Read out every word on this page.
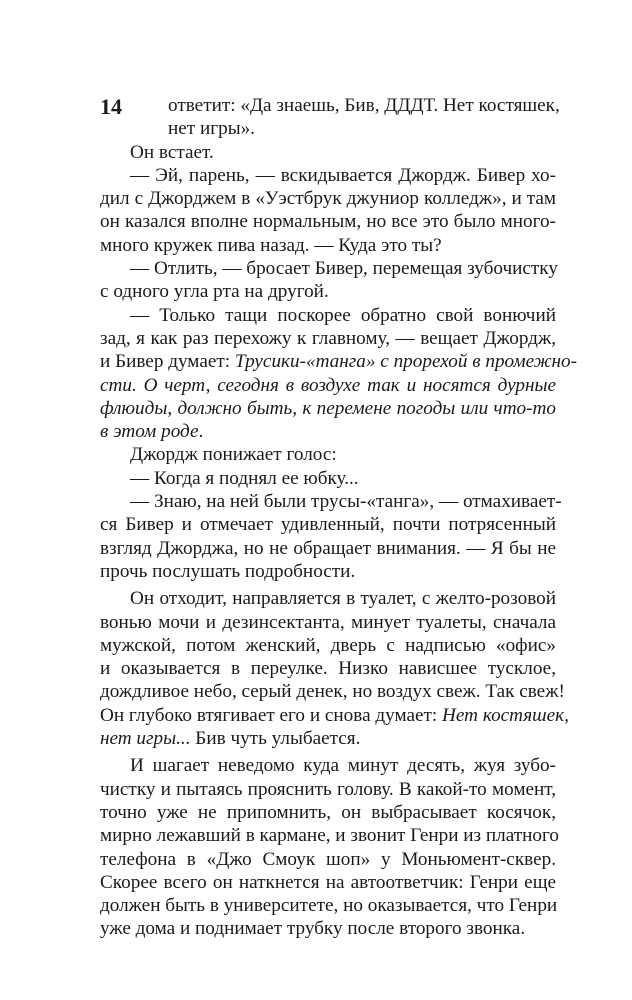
14	ответит: «Да знаешь, Бив, ДДДТ. Нет костяшек,
нет игры».
Он встает.
— Эй, парень, — вскидывается Джордж. Бивер хо-
дил с Джорджем в «Уэстбрук джуниор колледж», и там
он казался вполне нормальным, но все это было много-
много кружек пива назад. — Куда это ты?
— Отлить, — бросает Бивер, перемещая зубочистку
с одного угла рта на другой.
— Только тащи поскорее обратно свой вонючий
зад, я как раз перехожу к главному, — вещает Джордж,
и Бивер думает: Трусики-«танга» с прорехой в промежно-
сти. О черт, сегодня в воздухе так и носятся дурные
флюиды, должно быть, к перемене погоды или что-то
в этом роде.
Джордж понижает голос:
— Когда я поднял ее юбку...
— Знаю, на ней были трусы-«танга», — отмахивает-
ся Бивер и отмечает удивленный, почти потрясенный
взгляд Джорджа, но не обращает внимания. — Я бы не
прочь послушать подробности.
Он отходит, направляется в туалет, с желто-розовой
вонью мочи и дезинсектанта, минует туалеты, сначала
мужской, потом женский, дверь с надписью «офис»
и оказывается в переулке. Низко нависшее тусклое,
дождливое небо, серый денек, но воздух свеж. Так свеж!
Он глубоко втягивает его и снова думает: Нет костяшек,
нет игры... Бив чуть улыбается.
И шагает неведомо куда минут десять, жуя зубо-
чистку и пытаясь прояснить голову. В какой-то момент,
точно уже не припомнить, он выбрасывает косячок,
мирно лежавший в кармане, и звонит Генри из платного
телефона в «Джо Смоук шоп» у Моньюмент-сквер.
Скорее всего он наткнется на автоответчик: Генри еще
должен быть в университете, но оказывается, что Генри
уже дома и поднимает трубку после второго звонка.
